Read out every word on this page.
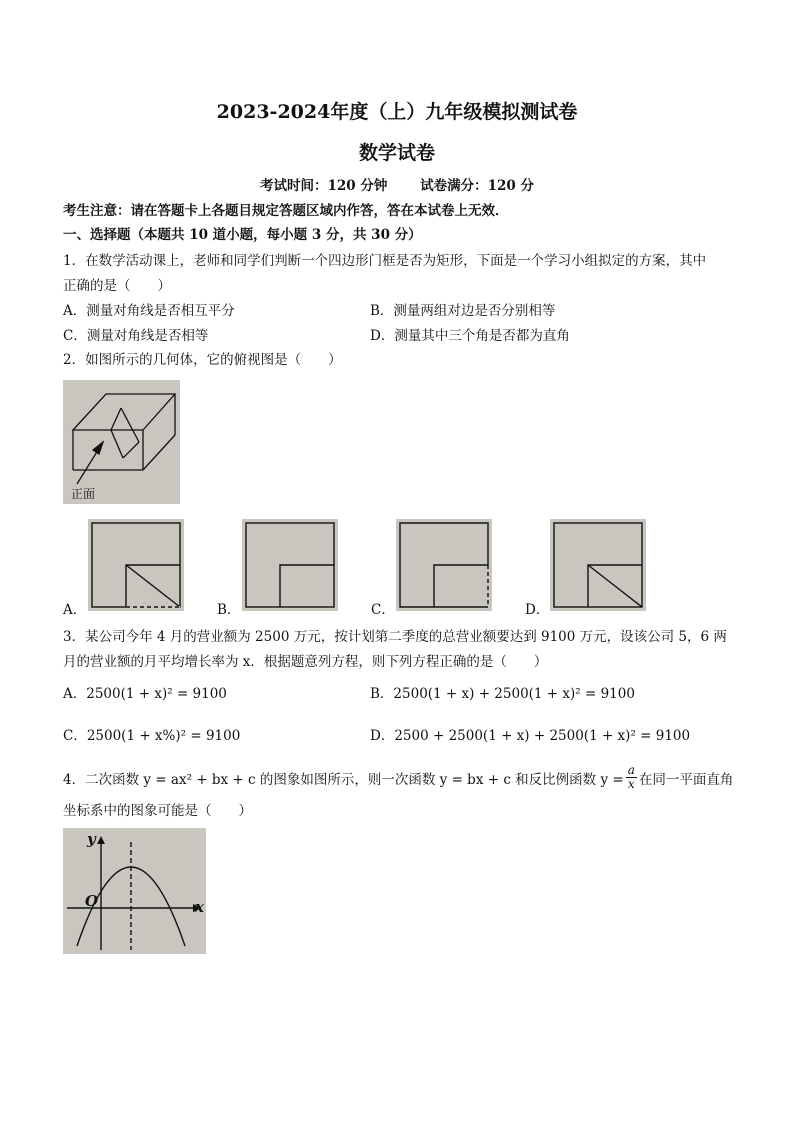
2023-2024年度（上）九年级模拟测试卷
数学试卷
考试时间：120 分钟 试卷满分：120 分
考生注意：请在答题卡上各题目规定答题区域内作答，答在本试卷上无效．
一、选择题（本题共 10 道小题，每小题 3 分，共 30 分）
1．在数学活动课上，老师和同学们判断一个四边形门框是否为矩形，下面是一个学习小组拟定的方案，其中
正确的是（　　）
A．测量对角线是否相互平分	B．测量两组对边是否分别相等
C．测量对角线是否相等	D．测量其中三个角是否都为直角
2．如图所示的几何体，它的俯视图是（　　）
正面
A．	B．	C．	D．
3．某公司今年 4 月的营业额为 2500 万元，按计划第二季度的总营业额要达到 9100 万元，设该公司 5，6 两
月的营业额的月平均增长率为 x．根据题意列方程，则下列方程正确的是（　　）
A．2500(1 + x)² = 9100	B．2500(1 + x) + 2500(1 + x)² = 9100
C．2500(1 + x%)² = 9100	D．2500 + 2500(1 + x) + 2500(1 + x)² = 9100
4．二次函数 y = ax² + bx + c 的图象如图所示，则一次函数 y = bx + c 和反比例函数 $y = \frac{a}{x}$ 在同一平面直角
坐标系中的图象可能是（　　）
y
x
O
